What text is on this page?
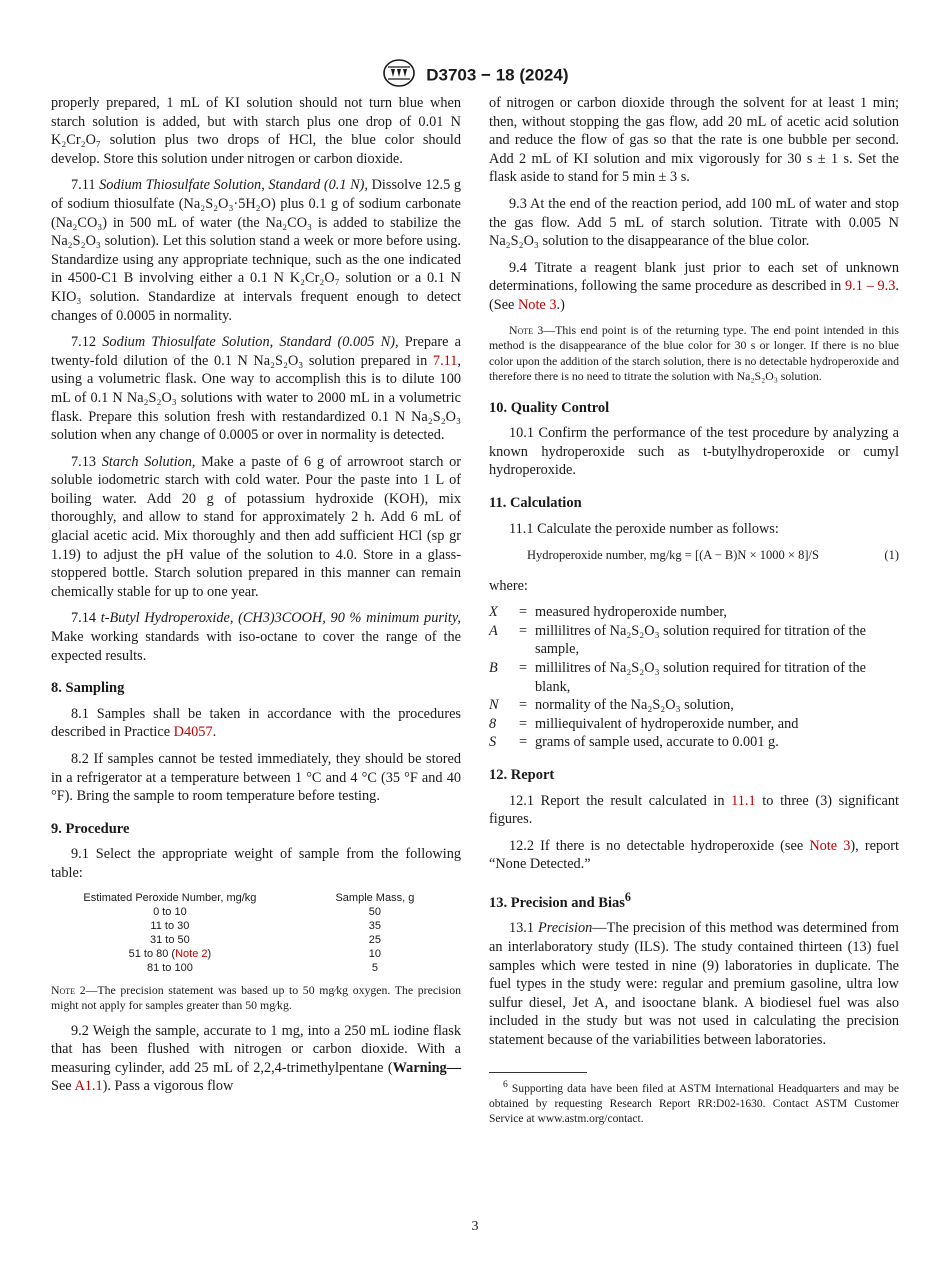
D3703 − 18 (2024)

properly prepared, 1 mL of KI solution should not turn blue when starch solution is added, but with starch plus one drop of 0.01 N K₂Cr₂O₇ solution plus two drops of HCl, the blue color should develop. Store this solution under nitrogen or carbon dioxide.

7.11 Sodium Thiosulfate Solution, Standard (0.1 N), Dissolve 12.5 g of sodium thiosulfate (Na₂S₂O₃·5H₂O) plus 0.1 g of sodium carbonate (Na₂CO₃) in 500 mL of water (the Na₂CO₃ is added to stabilize the Na₂S₂O₃ solution). Let this solution stand a week or more before using. Standardize using any appropriate technique, such as the one indicated in 4500-C1 B involving either a 0.1 N K₂Cr₂O₇ solution or a 0.1 N KIO₃ solution. Standardize at intervals frequent enough to detect changes of 0.0005 in normality.

7.12 Sodium Thiosulfate Solution, Standard (0.005 N), Prepare a twenty-fold dilution of the 0.1 N Na₂S₂O₃ solution prepared in 7.11, using a volumetric flask. One way to accomplish this is to dilute 100 mL of 0.1 N Na₂S₂O₃ solutions with water to 2000 mL in a volumetric flask. Prepare this solution fresh with restandardized 0.1 N Na₂S₂O₃ solution when any change of 0.0005 or over in normality is detected.

7.13 Starch Solution, Make a paste of 6 g of arrowroot starch or soluble iodometric starch with cold water. Pour the paste into 1 L of boiling water. Add 20 g of potassium hydroxide (KOH), mix thoroughly, and allow to stand for approximately 2 h. Add 6 mL of glacial acetic acid. Mix thoroughly and then add sufficient HCl (sp gr 1.19) to adjust the pH value of the solution to 4.0. Store in a glass-stoppered bottle. Starch solution prepared in this manner can remain chemically stable for up to one year.

7.14 t-Butyl Hydroperoxide, (CH3)3COOH, 90 % minimum purity, Make working standards with iso-octane to cover the range of the expected results.

8. Sampling

8.1 Samples shall be taken in accordance with the procedures described in Practice D4057.

8.2 If samples cannot be tested immediately, they should be stored in a refrigerator at a temperature between 1 °C and 4 °C (35 °F and 40 °F). Bring the sample to room temperature before testing.

9. Procedure

9.1 Select the appropriate weight of sample from the following table:

Estimated Peroxide Number, mg/kg	Sample Mass, g
0 to 10	50
11 to 30	35
31 to 50	25
51 to 80 (Note 2)	10
81 to 100	5
Note 2—The precision statement was based up to 50 mg⁄kg oxygen. The precision might not apply for samples greater than 50 mg⁄kg.

9.2 Weigh the sample, accurate to 1 mg, into a 250 mL iodine flask that has been flushed with nitrogen or carbon dioxide. With a measuring cylinder, add 25 mL of 2,2,4-trimethylpentane (Warning—See A1.1). Pass a vigorous flow

of nitrogen or carbon dioxide through the solvent for at least 1 min; then, without stopping the gas flow, add 20 mL of acetic acid solution and reduce the flow of gas so that the rate is one bubble per second. Add 2 mL of KI solution and mix vigorously for 30 s ± 1 s. Set the flask aside to stand for 5 min ± 3 s.

9.3 At the end of the reaction period, add 100 mL of water and stop the gas flow. Add 5 mL of starch solution. Titrate with 0.005 N Na₂S₂O₃ solution to the disappearance of the blue color.

9.4 Titrate a reagent blank just prior to each set of unknown determinations, following the same procedure as described in 9.1 – 9.3. (See Note 3.)

Note 3—This end point is of the returning type. The end point intended in this method is the disappearance of the blue color for 30 s or longer. If there is no blue color upon the addition of the starch solution, there is no detectable hydroperoxide and therefore there is no need to titrate the solution with Na₂S₂O₃ solution.
10. Quality Control

10.1 Confirm the performance of the test procedure by analyzing a known hydroperoxide such as t-butylhydroperoxide or cumyl hydroperoxide.

11. Calculation

11.1 Calculate the peroxide number as follows:

Hydroperoxide number, mg/kg = [(A − B)N × 1000 × 8]/S	(1)

where:

X	= measured hydroperoxide number,
A	= millilitres of Na₂S₂O₃ solution required for titration of the sample,
B	= millilitres of Na₂S₂O₃ solution required for titration of the blank,
N	= normality of the Na₂S₂O₃ solution,
8	= milliequivalent of hydroperoxide number, and
S	= grams of sample used, accurate to 0.001 g.
12. Report

12.1 Report the result calculated in 11.1 to three (3) significant figures.

12.2 If there is no detectable hydroperoxide (see Note 3), report “None Detected.”

13. Precision and Bias$^6$

13.1 Precision—The precision of this method was determined from an interlaboratory study (ILS). The study contained thirteen (13) fuel samples which were tested in nine (9) laboratories in duplicate. The fuel types in the study were: regular and premium gasoline, ultra low sulfur diesel, Jet A, and isooctane blank. A biodiesel fuel was also included in the study but was not used in calculating the precision statement because of the variabilities between laboratories.

$^6$ Supporting data have been filed at ASTM International Headquarters and may be obtained by requesting Research Report RR:D02-1630. Contact ASTM Customer Service at www.astm.org/contact.
3
